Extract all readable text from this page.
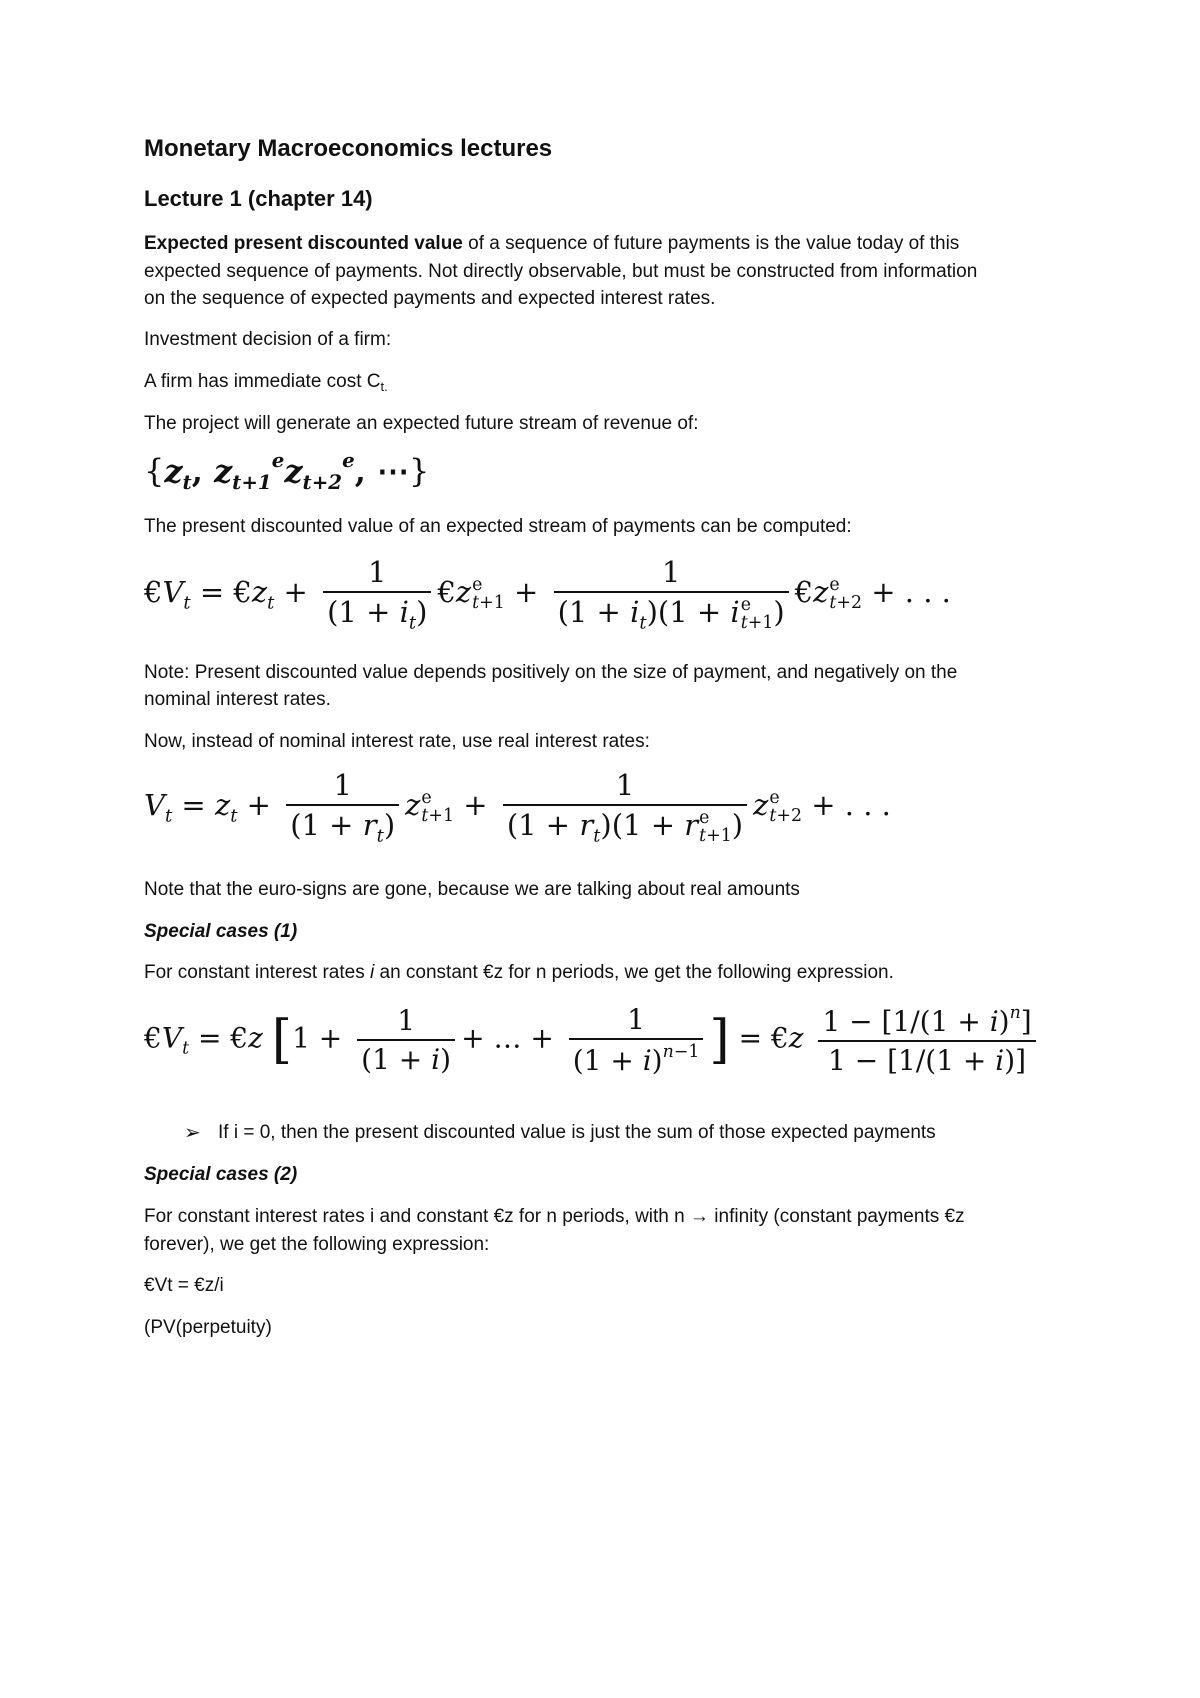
Monetary Macroeconomics lectures
Lecture 1 (chapter 14)
Expected present discounted value of a sequence of future payments is the value today of this
expected sequence of payments. Not directly observable, but must be constructed from information
on the sequence of expected payments and expected interest rates.
Investment decision of a firm:
A firm has immediate cost $C_{t.}$
The project will generate an expected future stream of revenue of:
{$z_t$, $z_{t+1}^ez_{t+2}^e$, ⋯}
The present discounted value of an expected stream of payments can be computed:
$€V_t$ = $€z_t + \frac{1}{(1 + i_t)}$ €z e
t+1 + 1
$(1 + i_t)(1 + i$ e
t+1 ) €z e
t+2 + . . .
Note: Present discounted value depends positively on the size of payment, and negatively on the
nominal interest rates.
Now, instead of nominal interest rate, use real interest rates:
$V_t = z_t + \frac{1}{(1 + r_t)}$ z e
t+1 + 1
$(1 + r_t)(1 + r$ e
t+1 ) z e
t+2 + . . .
Note that the euro-signs are gone, because we are talking about real amounts
Special cases (1)
For constant interest rates i an constant €z for n periods, we get the following expression.
$€V_t$ = €z [$1 + \frac{1}{(1 + i)}$ + … + $\frac{1}{(1 + i)^{n-1}}$ ] = €z $\frac{1 - [1/(1 + i)^n]}{1 - [1/(1 + i)]}$
➢ If i = 0, then the present discounted value is just the sum of those expected payments
Special cases (2)
For constant interest rates i and constant €z for n periods, with n → infinity (constant payments €z
forever), we get the following expression:
€Vt = €z/i
(PV(perpetuity)
